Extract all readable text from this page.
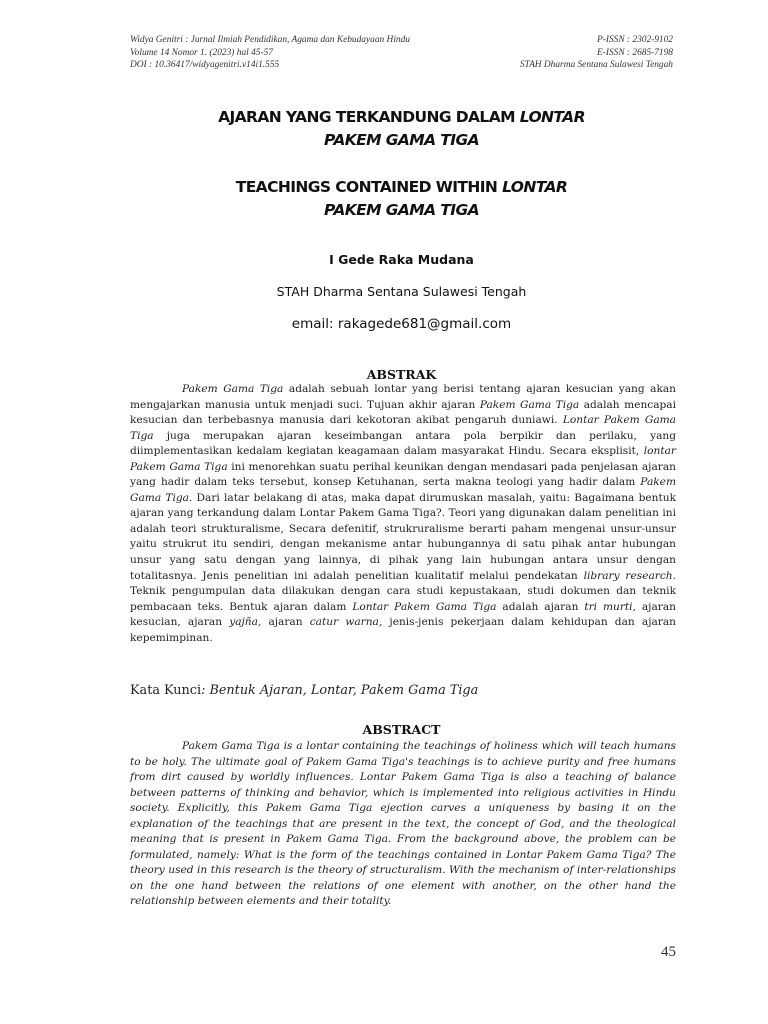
Widya Genitri : Jurnal Ilmiah Pendidikan, Agama dan Kebudayaan Hindu	P-ISSN : 2302-9102
Volume 14 Nomor 1. (2023) hal 45-57	E-ISSN : 2685-7198
DOI : 10.36417/widyagenitri.v14i1.555	STAH Dharma Sentana Sulawesi Tengah
AJARAN YANG TERKANDUNG DALAM LONTAR
PAKEM GAMA TIGA
TEACHINGS CONTAINED WITHIN LONTAR
PAKEM GAMA TIGA
I Gede Raka Mudana
STAH Dharma Sentana Sulawesi Tengah
email: rakagede681@gmail.com
ABSTRAK

Pakem Gama Tiga adalah sebuah lontar yang berisi tentang ajaran kesucian yang akan mengajarkan manusia untuk menjadi suci. Tujuan akhir ajaran Pakem Gama Tiga adalah mencapai kesucian dan terbebasnya manusia dari kekotoran akibat pengaruh duniawi. Lontar Pakem Gama Tiga juga merupakan ajaran keseimbangan antara pola berpikir dan perilaku, yang diimplementasikan kedalam kegiatan keagamaan dalam masyarakat Hindu. Secara eksplisit, lontar Pakem Gama Tiga ini menorehkan suatu perihal keunikan dengan mendasari pada penjelasan ajaran yang hadir dalam teks tersebut, konsep Ketuhanan, serta makna teologi yang hadir dalam Pakem Gama Tiga. Dari latar belakang di atas, maka dapat dirumuskan masalah, yaitu: Bagaimana bentuk ajaran yang terkandung dalam Lontar Pakem Gama Tiga?. Teori yang digunakan dalam penelitian ini adalah teori strukturalisme, Secara defenitif, strukruralisme berarti paham mengenai unsur-unsur yaitu strukrut itu sendiri, dengan mekanisme antar hubungannya di satu pihak antar hubungan unsur yang satu dengan yang lainnya, di pihak yang lain hubungan antara unsur dengan totalitasnya. Jenis penelitian ini adalah penelitian kualitatif melalui pendekatan library research. Teknik pengumpulan data dilakukan dengan cara studi kepustakaan, studi dokumen dan teknik pembacaan teks. Bentuk ajaran dalam Lontar Pakem Gama Tiga adalah ajaran tri murti, ajaran kesucian, ajaran yajña, ajaran catur warna, jenis-jenis pekerjaan dalam kehidupan dan ajaran kepemimpinan.

Kata Kunci: Bentuk Ajaran, Lontar, Pakem Gama Tiga
ABSTRACT

Pakem Gama Tiga is a lontar containing the teachings of holiness which will teach humans to be holy. The ultimate goal of Pakem Gama Tiga's teachings is to achieve purity and free humans from dirt caused by worldly influences. Lontar Pakem Gama Tiga is also a teaching of balance between patterns of thinking and behavior, which is implemented into religious activities in Hindu society. Explicitly, this Pakem Gama Tiga ejection carves a uniqueness by basing it on the explanation of the teachings that are present in the text, the concept of God, and the theological meaning that is present in Pakem Gama Tiga. From the background above, the problem can be formulated, namely: What is the form of the teachings contained in Lontar Pakem Gama Tiga? The theory used in this research is the theory of structuralism. With the mechanism of inter-relationships on the one hand between the relations of one element with another, on the other hand the relationship between elements and their totality.

45
